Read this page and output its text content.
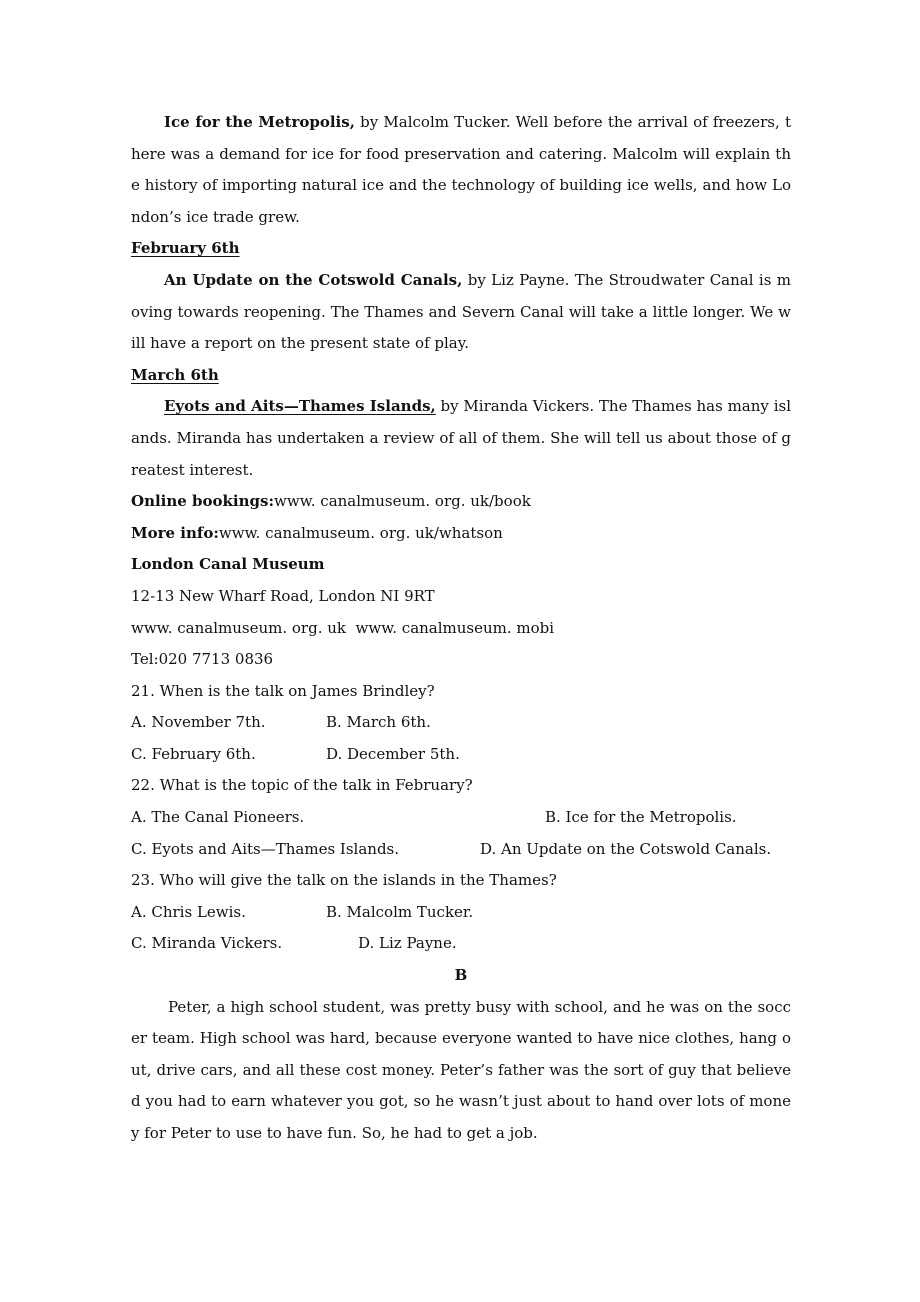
Ice for the Metropolis, by Malcolm Tucker. Well before the arrival of freezers, there was a demand for ice for food preservation and catering. Malcolm will explain the history of importing natural ice and the technology of building ice wells, and how London’s ice trade grew.
February 6th
An Update on the Cotswold Canals, by Liz Payne. The Stroudwater Canal is moving towards reopening. The Thames and Severn Canal will take a little longer. We will have a report on the present state of play.
March 6th
Eyots and Aits—Thames Islands, by Miranda Vickers. The Thames has many islands. Miranda has undertaken a review of all of them. She will tell us about those of greatest interest.
Online bookings:www. canalmuseum. org. uk/book
More info:www. canalmuseum. org. uk/whatson
London Canal Museum
12-13 New Wharf Road, London NI 9RT
www. canalmuseum. org. uk  www. canalmuseum. mobi
Tel:020 7713 0836
21. When is the talk on James Brindley?
A. November 7th.	B. March 6th.
C. February 6th.	D. December 5th.
22. What is the topic of the talk in February?
A. The Canal Pioneers.	B. Ice for the Metropolis.
C. Eyots and Aits—Thames Islands.	D. An Update on the Cotswold Canals.
23. Who will give the talk on the islands in the Thames?
A. Chris Lewis.	B. Malcolm Tucker.
C. Miranda Vickers.	D. Liz Payne.
B
Peter, a high school student, was pretty busy with school, and he was on the soccer team. High school was hard, because everyone wanted to have nice clothes, hang out, drive cars, and all these cost money. Peter’s father was the sort of guy that believed you had to earn whatever you got, so he wasn’t just about to hand over lots of money for Peter to use to have fun. So, he had to get a job.
